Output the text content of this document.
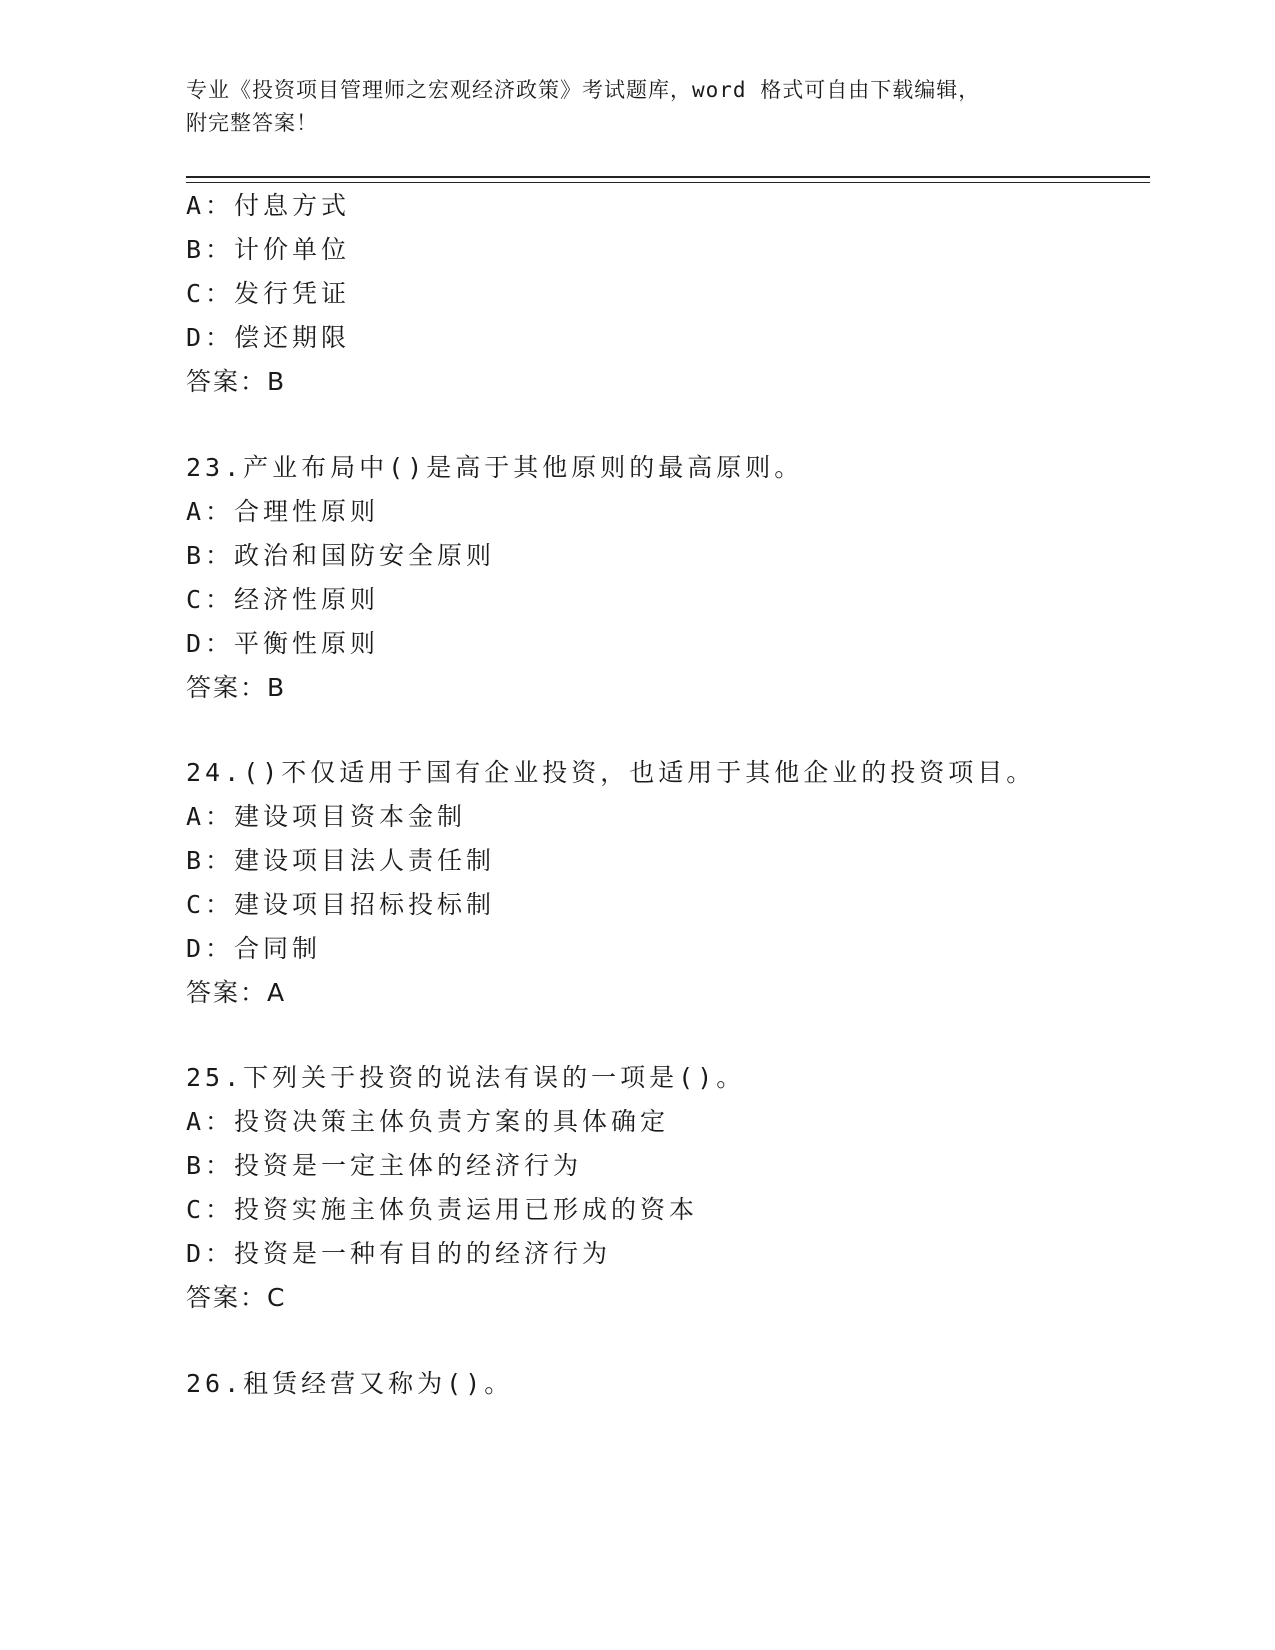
专业《投资项目管理师之宏观经济政策》考试题库，word 格式可自由下载编辑，
附完整答案！
A：付息方式
B：计价单位
C：发行凭证
D：偿还期限
答案：B
23.产业布局中()是高于其他原则的最高原则。
A：合理性原则
B：政治和国防安全原则
C：经济性原则
D：平衡性原则
答案：B
24.()不仅适用于国有企业投资，也适用于其他企业的投资项目。
A：建设项目资本金制
B：建设项目法人责任制
C：建设项目招标投标制
D：合同制
答案：A
25.下列关于投资的说法有误的一项是()。
A：投资决策主体负责方案的具体确定
B：投资是一定主体的经济行为
C：投资实施主体负责运用已形成的资本
D：投资是一种有目的的经济行为
答案：C
26.租赁经营又称为()。
